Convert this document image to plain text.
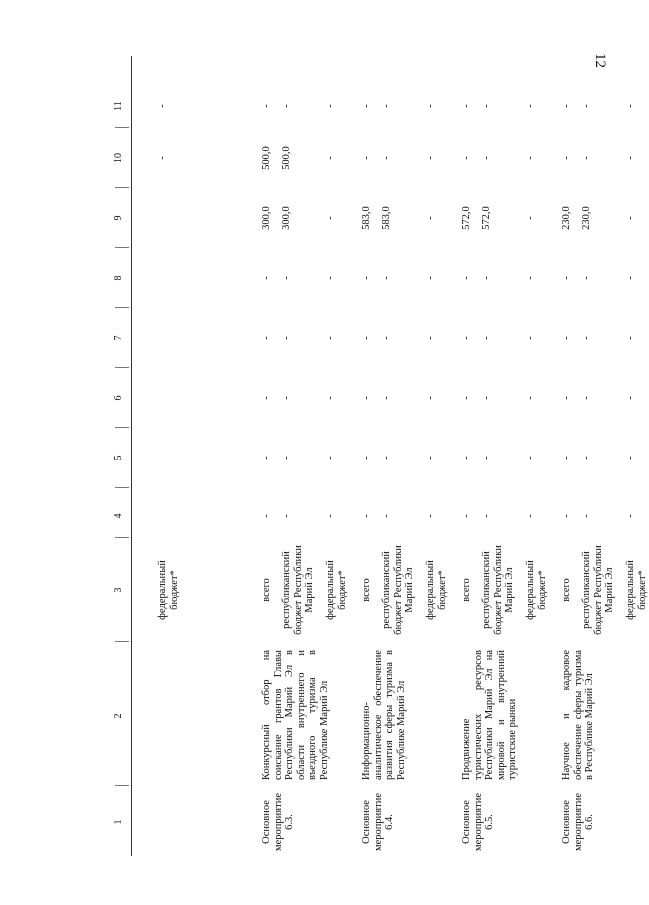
12
1
2
3
4
5
6
7
8
9
10
11
федеральный бюджет*
-
-
Основное мероприятие 6.3.
Конкурсный отбор на соискание грантов Главы Республики Марий Эл в области внутреннего и въездного туризма в Республике Марий Эл
всего
-
-
-
-
-
300,0
500,0
-
республиканский бюджет Республики Марий Эл
-
-
-
-
-
300,0
500,0
-
федеральный бюджет*
-
-
-
-
-
-
-
-
Основное мероприятие 6.4.
Информационно-аналитическое обеспечение развития сферы туризма в Республике Марий Эл
всего
-
-
-
-
-
583,0
-
-
республиканский бюджет Республики Марий Эл
-
-
-
-
-
583,0
-
-
федеральный бюджет*
-
-
-
-
-
-
-
-
Основное мероприятие 6.5.
Продвижение туристических ресурсов Республики Марий Эл на мировой и внутренний туристские рынки
всего
-
-
-
-
-
572,0
-
-
республиканский бюджет Республики Марий Эл
-
-
-
-
-
572,0
-
-
федеральный бюджет*
-
-
-
-
-
-
-
-
Основное мероприятие 6.6.
Научное и кадровое обеспечение сферы туризма в Республике Марий Эл
всего
-
-
-
-
-
230,0
-
-
республиканский бюджет Республики Марий Эл
-
-
-
-
-
230,0
-
-
федеральный бюджет*
-
-
-
-
-
-
-
-
